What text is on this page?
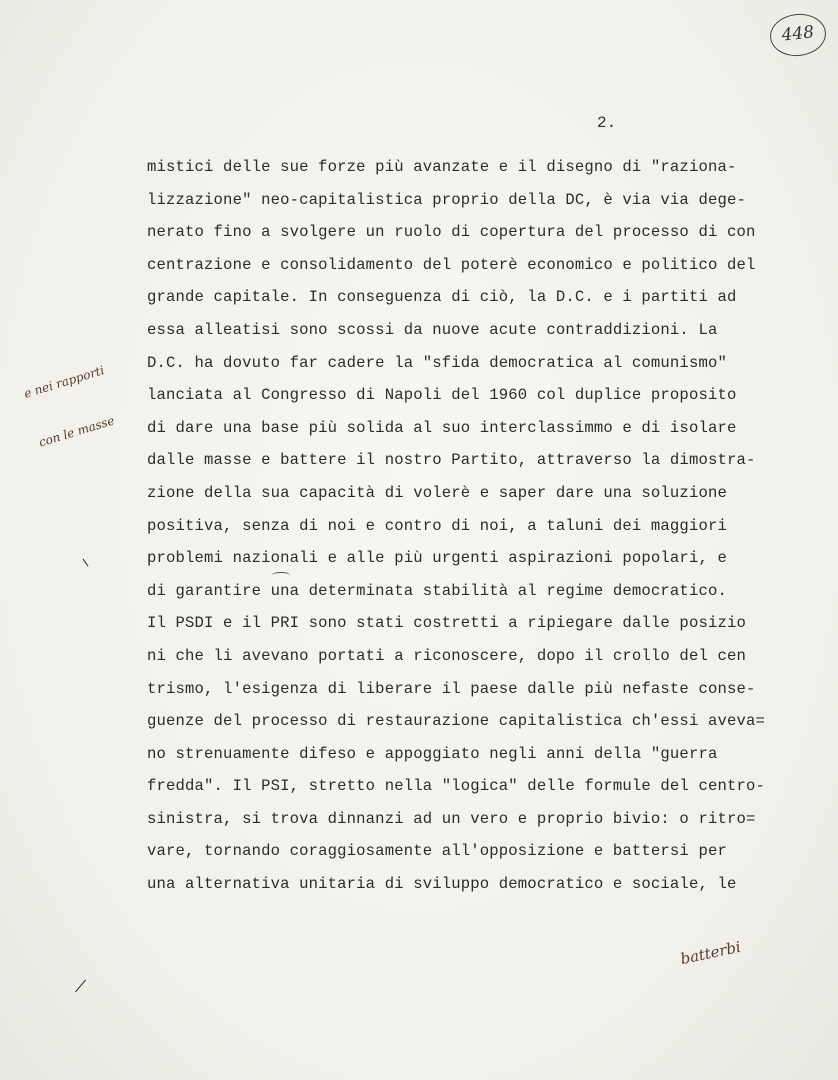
448
2.
mistici delle sue forze più avanzate e il disegno di "raziona-
lizzazione" neo-capitalistica proprio della DC, è via via dege-
nerato fino a svolgere un ruolo di copertura del processo di con
centrazione e consolidamento del poterè economico e politico del
grande capitale. In conseguenza di ciò, la D.C. e i partiti ad
essa alleatisi sono scossi da nuove acute contraddizioni. La
D.C. ha dovuto far cadere la "sfida democratica al comunismo"
lanciata al Congresso di Napoli del 1960 col duplice proposito
di dare una base più solida al suo interclassimmo e di isolare
dalle masse e battere il nostro Partito, attraverso la dimostra-
zione della sua capacità di volerè e saper dare una soluzione
positiva, senza di noi e contro di noi, a taluni dei maggiori
problemi nazionali e alle più urgenti aspirazioni popolari, e
di garantire una determinata stabilità al regime democratico.
Il PSDI e il PRI sono stati costretti a ripiegare dalle posizio
ni che li avevano portati a riconoscere, dopo il crollo del cen
trismo, l'esigenza di liberare il paese dalle più nefaste conse-
guenze del processo di restaurazione capitalistica ch'essi aveva=
no strenuamente difeso e appoggiato negli anni della "guerra
fredda". Il PSI, stretto nella "logica" delle formule del centro-
sinistra, si trova dinnanzi ad un vero e proprio bivio: o ritro=
vare, tornando coraggiosamente all'opposizione e battersi per
una alternativa unitaria di sviluppo democratico e sociale, le

e nei rapporti

con le masse

batterbi
